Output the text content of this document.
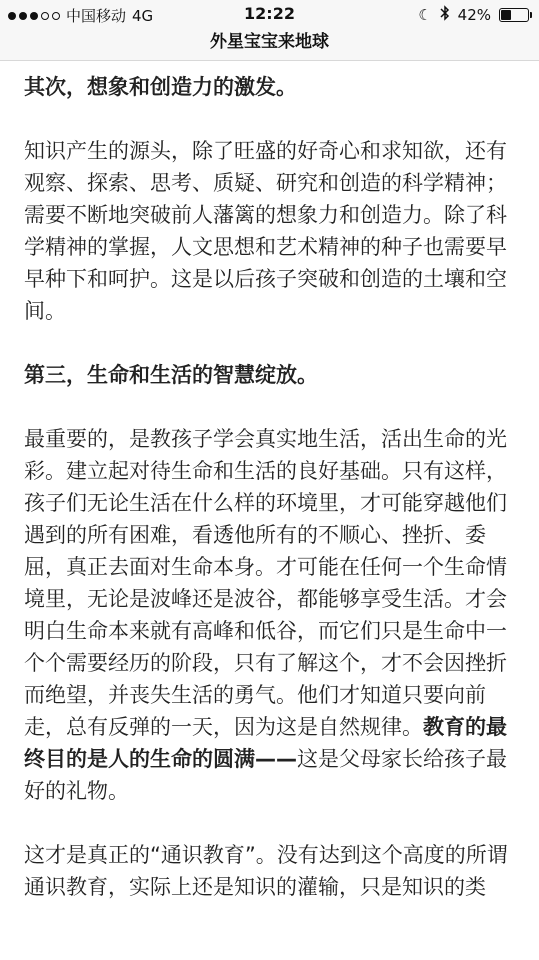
中国移动 4G	12:22	☾ 42%
外星宝宝来地球

其次，想象和创造力的激发。

知识产生的源头，除了旺盛的好奇心和求知欲，还有观察、探索、思考、质疑、研究和创造的科学精神；需要不断地突破前人藩篱的想象力和创造力。除了科学精神的掌握，人文思想和艺术精神的种子也需要早早种下和呵护。这是以后孩子突破和创造的土壤和空间。

第三，生命和生活的智慧绽放。

最重要的，是教孩子学会真实地生活，活出生命的光彩。建立起对待生命和生活的良好基础。只有这样，孩子们无论生活在什么样的环境里，才可能穿越他们遇到的所有困难，看透他所有的不顺心、挫折、委屈，真正去面对生命本身。才可能在任何一个生命情境里，无论是波峰还是波谷，都能够享受生活。才会明白生命本来就有高峰和低谷，而它们只是生命中一个个需要经历的阶段，只有了解这个，才不会因挫折而绝望，并丧失生活的勇气。他们才知道只要向前走，总有反弹的一天，因为这是自然规律。教育的最终目的是人的生命的圆满——这是父母家长给孩子最好的礼物。

这才是真正的“通识教育”。没有达到这个高度的所谓通识教育，实际上还是知识的灌输，只是知识的类
